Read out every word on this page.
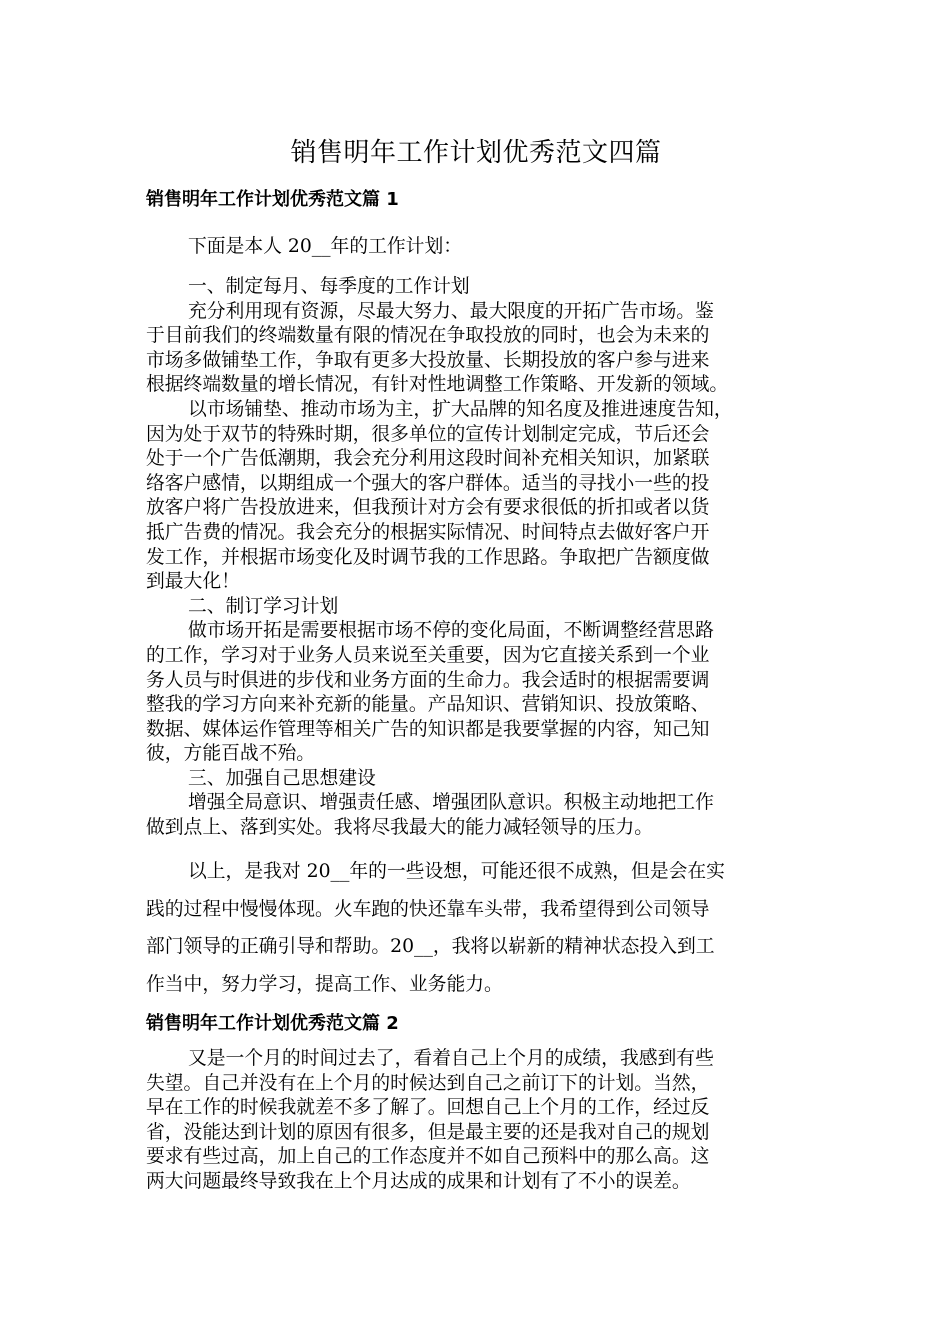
销售明年工作计划优秀范文四篇
销售明年工作计划优秀范文篇 1
下面是本人 20__年的工作计划：
一、制定每月、每季度的工作计划
充分利用现有资源，尽最大努力、最大限度的开拓广告市场。鉴
于目前我们的终端数量有限的情况在争取投放的同时，也会为未来的
市场多做铺垫工作，争取有更多大投放量、长期投放的客户参与进来
根据终端数量的增长情况，有针对性地调整工作策略、开发新的领域。
以市场铺垫、推动市场为主，扩大品牌的知名度及推进速度告知，
因为处于双节的特殊时期，很多单位的宣传计划制定完成，节后还会
处于一个广告低潮期，我会充分利用这段时间补充相关知识，加紧联
络客户感情，以期组成一个强大的客户群体。适当的寻找小一些的投
放客户将广告投放进来，但我预计对方会有要求很低的折扣或者以货
抵广告费的情况。我会充分的根据实际情况、时间特点去做好客户开
发工作，并根据市场变化及时调节我的工作思路。争取把广告额度做
到最大化！
二、制订学习计划
做市场开拓是需要根据市场不停的变化局面，不断调整经营思路
的工作，学习对于业务人员来说至关重要，因为它直接关系到一个业
务人员与时俱进的步伐和业务方面的生命力。我会适时的根据需要调
整我的学习方向来补充新的能量。产品知识、营销知识、投放策略、
数据、媒体运作管理等相关广告的知识都是我要掌握的内容，知己知
彼，方能百战不殆。
三、加强自己思想建设
增强全局意识、增强责任感、增强团队意识。积极主动地把工作
做到点上、落到实处。我将尽我最大的能力减轻领导的压力。
以上，是我对 20__年的一些设想，可能还很不成熟，但是会在实
践的过程中慢慢体现。火车跑的快还靠车头带，我希望得到公司领导
部门领导的正确引导和帮助。20__，我将以崭新的精神状态投入到工
作当中，努力学习，提高工作、业务能力。
销售明年工作计划优秀范文篇 2
又是一个月的时间过去了，看着自己上个月的成绩，我感到有些
失望。自己并没有在上个月的时候达到自己之前订下的计划。当然，
早在工作的时候我就差不多了解了。回想自己上个月的工作，经过反
省，没能达到计划的原因有很多，但是最主要的还是我对自己的规划
要求有些过高，加上自己的工作态度并不如自己预料中的那么高。这
两大问题最终导致我在上个月达成的成果和计划有了不小的误差。
